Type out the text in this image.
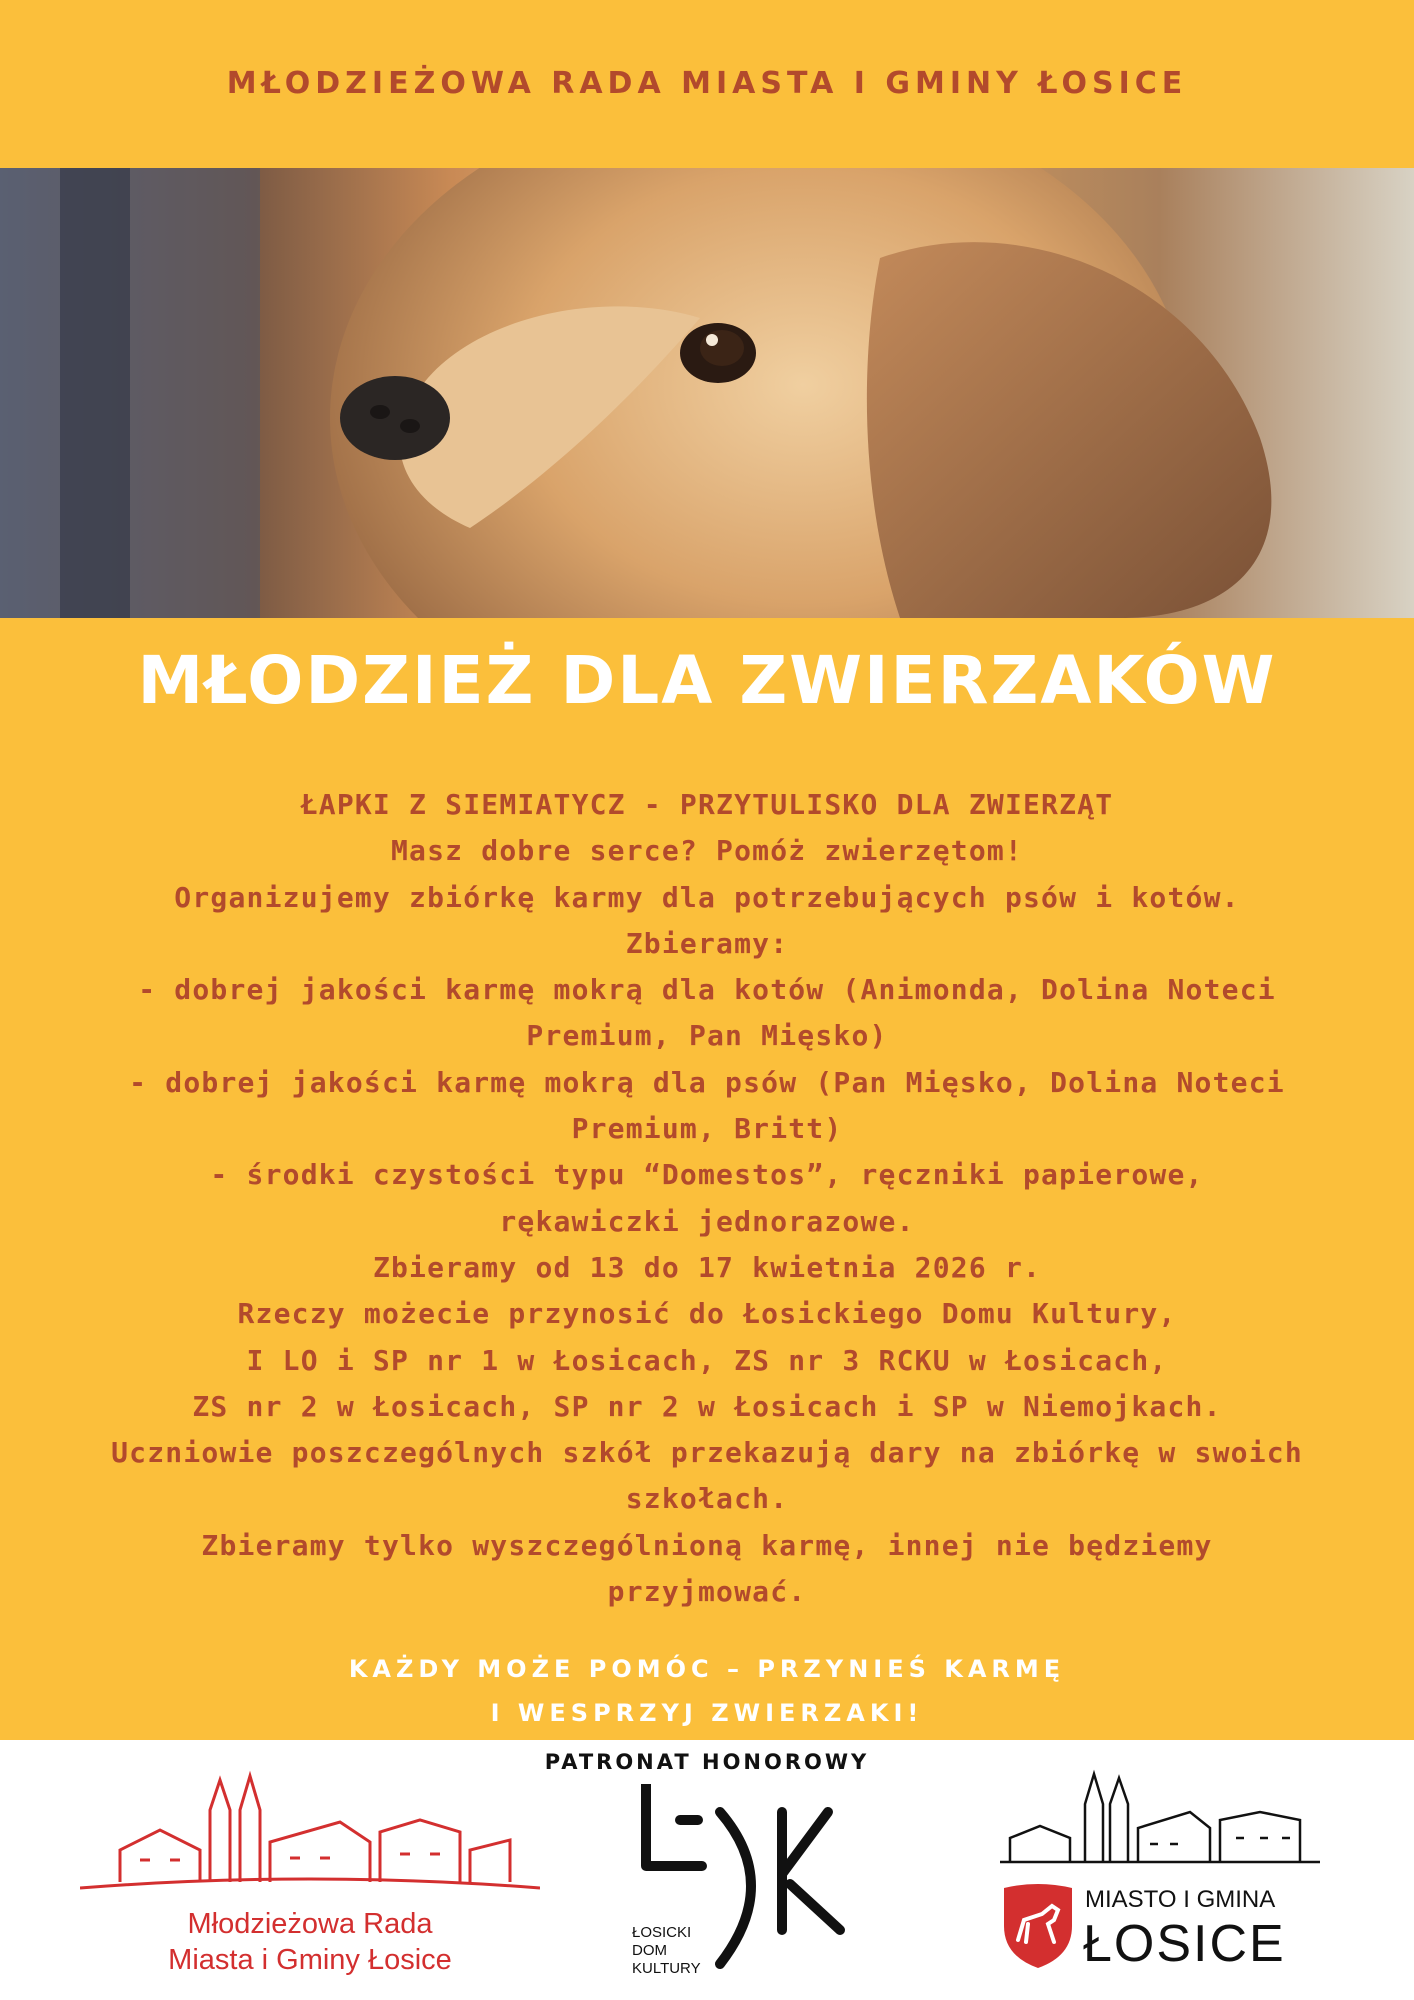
MŁODZIEŻOWA RADA MIASTA I GMINY ŁOSICE
MŁODZIEŻ DLA ZWIERZAKÓW
ŁAPKI Z SIEMIATYCZ - PRZYTULISKO DLA ZWIERZĄT
Masz dobre serce? Pomóż zwierzętom!
Organizujemy zbiórkę karmy dla potrzebujących psów i kotów.
Zbieramy:
- dobrej jakości karmę mokrą dla kotów (Animonda, Dolina Noteci
Premium, Pan Mięsko)
- dobrej jakości karmę mokrą dla psów (Pan Mięsko, Dolina Noteci
Premium, Britt)
- środki czystości typu “Domestos”, ręczniki papierowe,
rękawiczki jednorazowe.
Zbieramy od 13 do 17 kwietnia 2026 r.
Rzeczy możecie przynosić do Łosickiego Domu Kultury,
I LO i SP nr 1 w Łosicach, ZS nr 3 RCKU w Łosicach,
ZS nr 2 w Łosicach, SP nr 2 w Łosicach i SP w Niemojkach.
Uczniowie poszczególnych szkół przekazują dary na zbiórkę w swoich
szkołach.
Zbieramy tylko wyszczególnioną karmę, innej nie będziemy
przyjmować.
KAŻDY MOŻE POMÓC – PRZYNIEŚ KARMĘ
I WESPRZYJ ZWIERZAKI!
PATRONAT HONOROWY
Młodzieżowa Rada
Miasta i Gminy Łosice
ŁOSICKI
DOM
KULTURY
MIASTO I GMINA
ŁOSICE
